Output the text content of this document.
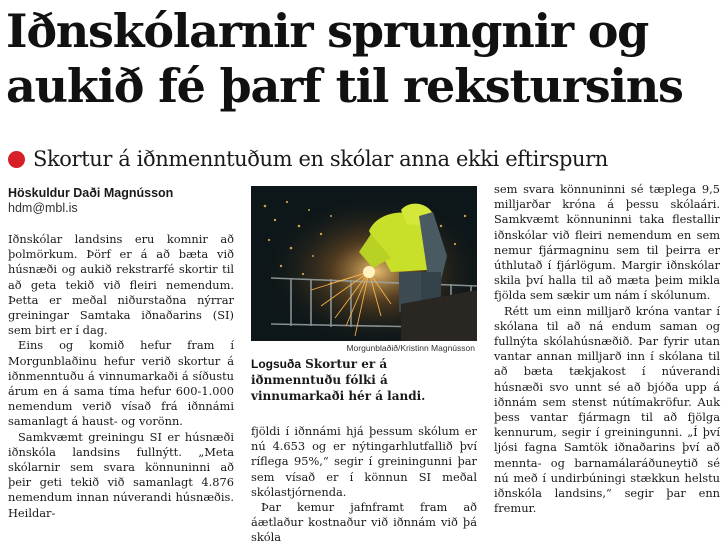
Iðnskólarnir sprungnir og aukið fé þarf til rekstursins
Skortur á iðnmenntuðum en skólar anna ekki eftirspurn
Höskuldur Daði Magnússon
hdm@mbl.is

Iðnskólar landsins eru komnir að þolmörkum. Þörf er á að bæta við húsnæði og aukið rekstrarfé skortir til að geta tekið við fleiri nemendum. Þetta er meðal niðurstaðna nýrrar greiningar Samtaka iðnaðarins (SI) sem birt er í dag.

Eins og komið hefur fram í Morgunblaðinu hefur verið skortur á iðnmenntuðu á vinnumarkaði á síðustu árum en á sama tíma hefur 600-1.000 nemendum verið vísað frá iðnnámi samanlagt á haust- og vorönn.

Samkvæmt greiningu SI er húsnæði iðnskóla landsins fullnýtt. „Meta skólarnir sem svara könnuninni að þeir geti tekið við samanlagt 4.876 nemendum innan núverandi húsnæðis. Heildar-

Morgunblaðið/Kristinn Magnússon
Logsuða Skortur er á iðnmenntuðu fólki á vinnumarkaði hér á landi.

fjöldi í iðnnámi hjá þessum skólum er nú 4.653 og er nýtingarhlutfallið því ríflega 95%,“ segir í greiningunni þar sem vísað er í könnun SI meðal skólastjórnenda.

Þar kemur jafnframt fram að áætlaður kostnaður við iðnnám við þá skóla

sem svara könnuninni sé tæplega 9,5 milljarðar króna á þessu skólaári. Samkvæmt könnuninni taka flestallir iðnskólar við fleiri nemendum en sem nemur fjármagninu sem til þeirra er úthlutað í fjárlögum. Margir iðnskólar skila því halla til að mæta þeim mikla fjölda sem sækir um nám í skólunum.

Rétt um einn milljarð króna vantar í skólana til að ná endum saman og fullnýta skólahúsnæðið. Þar fyrir utan vantar annan milljarð inn í skólana til að bæta tækjakost í núverandi húsnæði svo unnt sé að bjóða upp á iðnnám sem stenst nútímakröfur. Auk þess vantar fjármagn til að fjölga kennurum, segir í greiningunni. „Í því ljósi fagna Samtök iðnaðarins því að mennta- og barnamálaráðuneytið sé nú með í undirbúningi stækkun helstu iðnskóla landsins,“ segir þar enn fremur.
